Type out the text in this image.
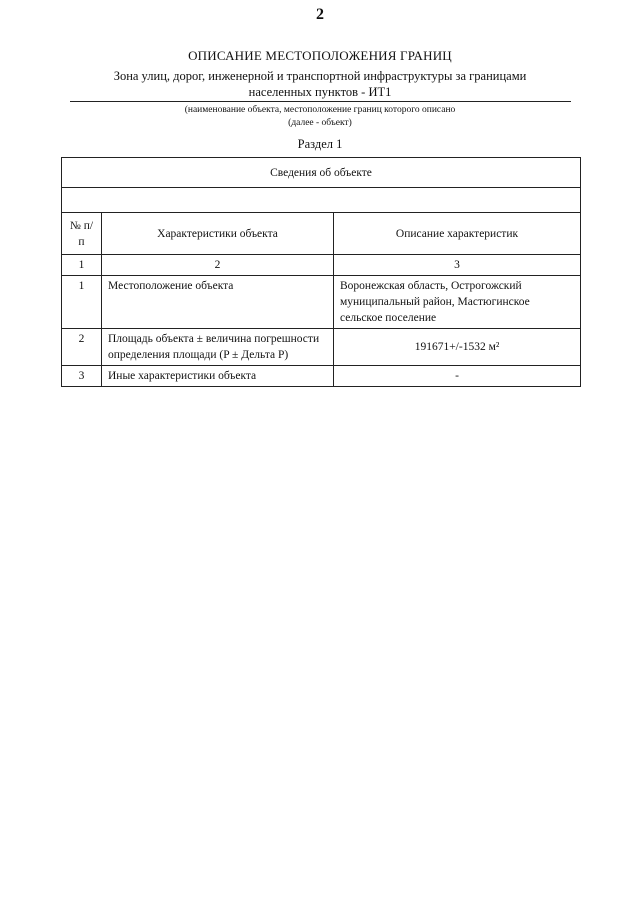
2
ОПИСАНИЕ МЕСТОПОЛОЖЕНИЯ ГРАНИЦ
Зона улиц, дорог, инженерной и транспортной инфраструктуры за границами
населенных пунктов - ИТ1
(наименование объекта, местоположение границ которого описано
(далее - объект)
Раздел 1
Сведения об объекте		

№ п/п	Характеристики объекта	Описание характеристик
1	2	3
1	Местоположение объекта	Воронежская область, Острогожский муниципальный район, Мастюгинское сельское поселение
2	Площадь объекта ± величина погрешности определения площади (P ± Дельта P)	191671+/-1532 м²
3	Иные характеристики объекта	-
